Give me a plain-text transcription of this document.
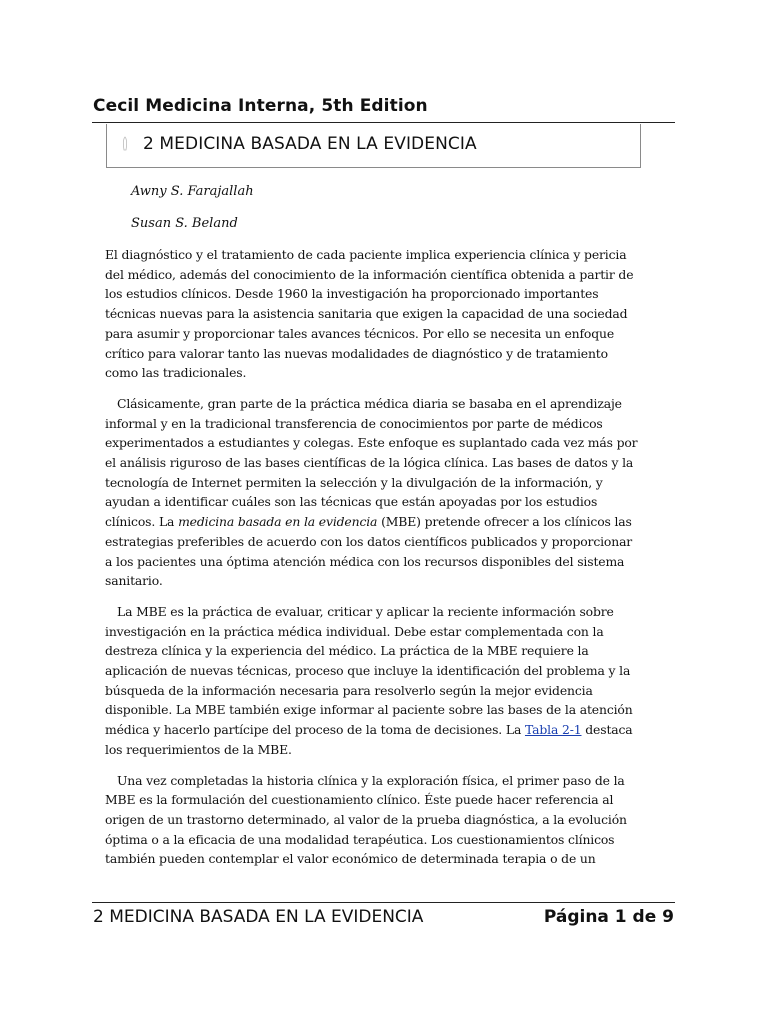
Cecil Medicina Interna, 5th Edition
2 MEDICINA BASADA EN LA EVIDENCIA
Awny S. Farajallah
Susan S. Beland

El diagnóstico y el tratamiento de cada paciente implica experiencia clínica y pericia del médico, además del conocimiento de la información científica obtenida a partir de los estudios clínicos. Desde 1960 la investigación ha proporcionado importantes técnicas nuevas para la asistencia sanitaria que exigen la capacidad de una sociedad para asumir y proporcionar tales avances técnicos. Por ello se necesita un enfoque crítico para valorar tanto las nuevas modalidades de diagnóstico y de tratamiento como las tradicionales.

Clásicamente, gran parte de la práctica médica diaria se basaba en el aprendizaje informal y en la tradicional transferencia de conocimientos por parte de médicos experimentados a estudiantes y colegas. Este enfoque es suplantado cada vez más por el análisis riguroso de las bases científicas de la lógica clínica. Las bases de datos y la tecnología de Internet permiten la selección y la divulgación de la información, y ayudan a identificar cuáles son las técnicas que están apoyadas por los estudios clínicos. La medicina basada en la evidencia (MBE) pretende ofrecer a los clínicos las estrategias preferibles de acuerdo con los datos científicos publicados y proporcionar a los pacientes una óptima atención médica con los recursos disponibles del sistema sanitario.

La MBE es la práctica de evaluar, criticar y aplicar la reciente información sobre investigación en la práctica médica individual. Debe estar complementada con la destreza clínica y la experiencia del médico. La práctica de la MBE requiere la aplicación de nuevas técnicas, proceso que incluye la identificación del problema y la búsqueda de la información necesaria para resolverlo según la mejor evidencia disponible. La MBE también exige informar al paciente sobre las bases de la atención médica y hacerlo partícipe del proceso de la toma de decisiones. La Tabla 2-1 destaca los requerimientos de la MBE.

Una vez completadas la historia clínica y la exploración física, el primer paso de la MBE es la formulación del cuestionamiento clínico. Éste puede hacer referencia al origen de un trastorno determinado, al valor de la prueba diagnóstica, a la evolución óptima o a la eficacia de una modalidad terapéutica. Los cuestionamientos clínicos también pueden contemplar el valor económico de determinada terapia o de un

2 MEDICINA BASADA EN LA EVIDENCIA	Página 1 de 9
